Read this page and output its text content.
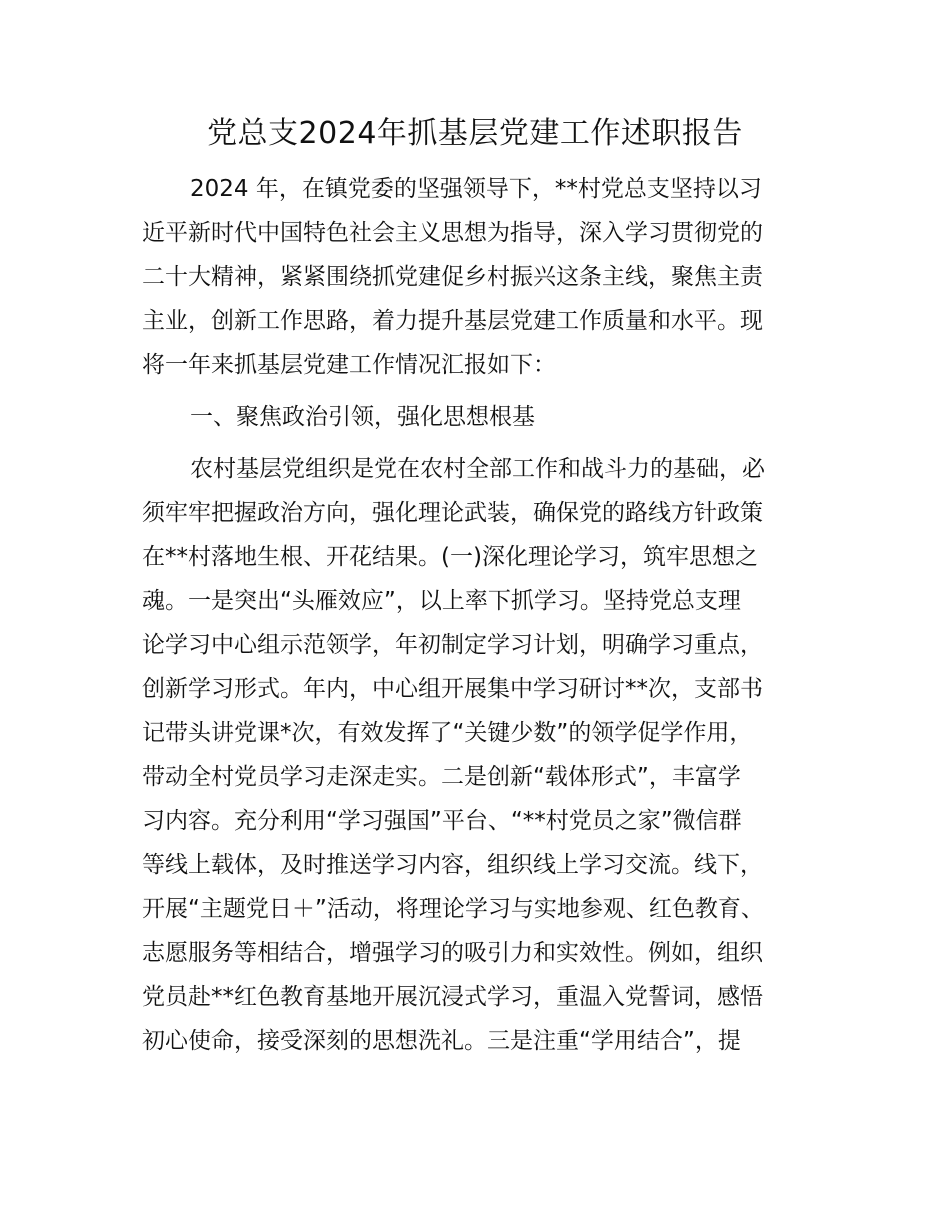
党总支2024年抓基层党建工作述职报告
2024 年，在镇党委的坚强领导下，**村党总支坚持以习
近平新时代中国特色社会主义思想为指导，深入学习贯彻党的
二十大精神，紧紧围绕抓党建促乡村振兴这条主线，聚焦主责
主业，创新工作思路，着力提升基层党建工作质量和水平。现
将一年来抓基层党建工作情况汇报如下：
一、聚焦政治引领，强化思想根基
农村基层党组织是党在农村全部工作和战斗力的基础，必
须牢牢把握政治方向，强化理论武装，确保党的路线方针政策
在**村落地生根、开花结果。(一)深化理论学习，筑牢思想之
魂。一是突出“头雁效应”，以上率下抓学习。坚持党总支理
论学习中心组示范领学，年初制定学习计划，明确学习重点，
创新学习形式。年内，中心组开展集中学习研讨**次，支部书
记带头讲党课*次，有效发挥了“关键少数”的领学促学作用，
带动全村党员学习走深走实。二是创新“载体形式”，丰富学
习内容。充分利用“学习强国”平台、“**村党员之家”微信群
等线上载体，及时推送学习内容，组织线上学习交流。线下，
开展“主题党日＋”活动，将理论学习与实地参观、红色教育、
志愿服务等相结合，增强学习的吸引力和实效性。例如，组织
党员赴**红色教育基地开展沉浸式学习，重温入党誓词，感悟
初心使命，接受深刻的思想洗礼。三是注重“学用结合”，提
